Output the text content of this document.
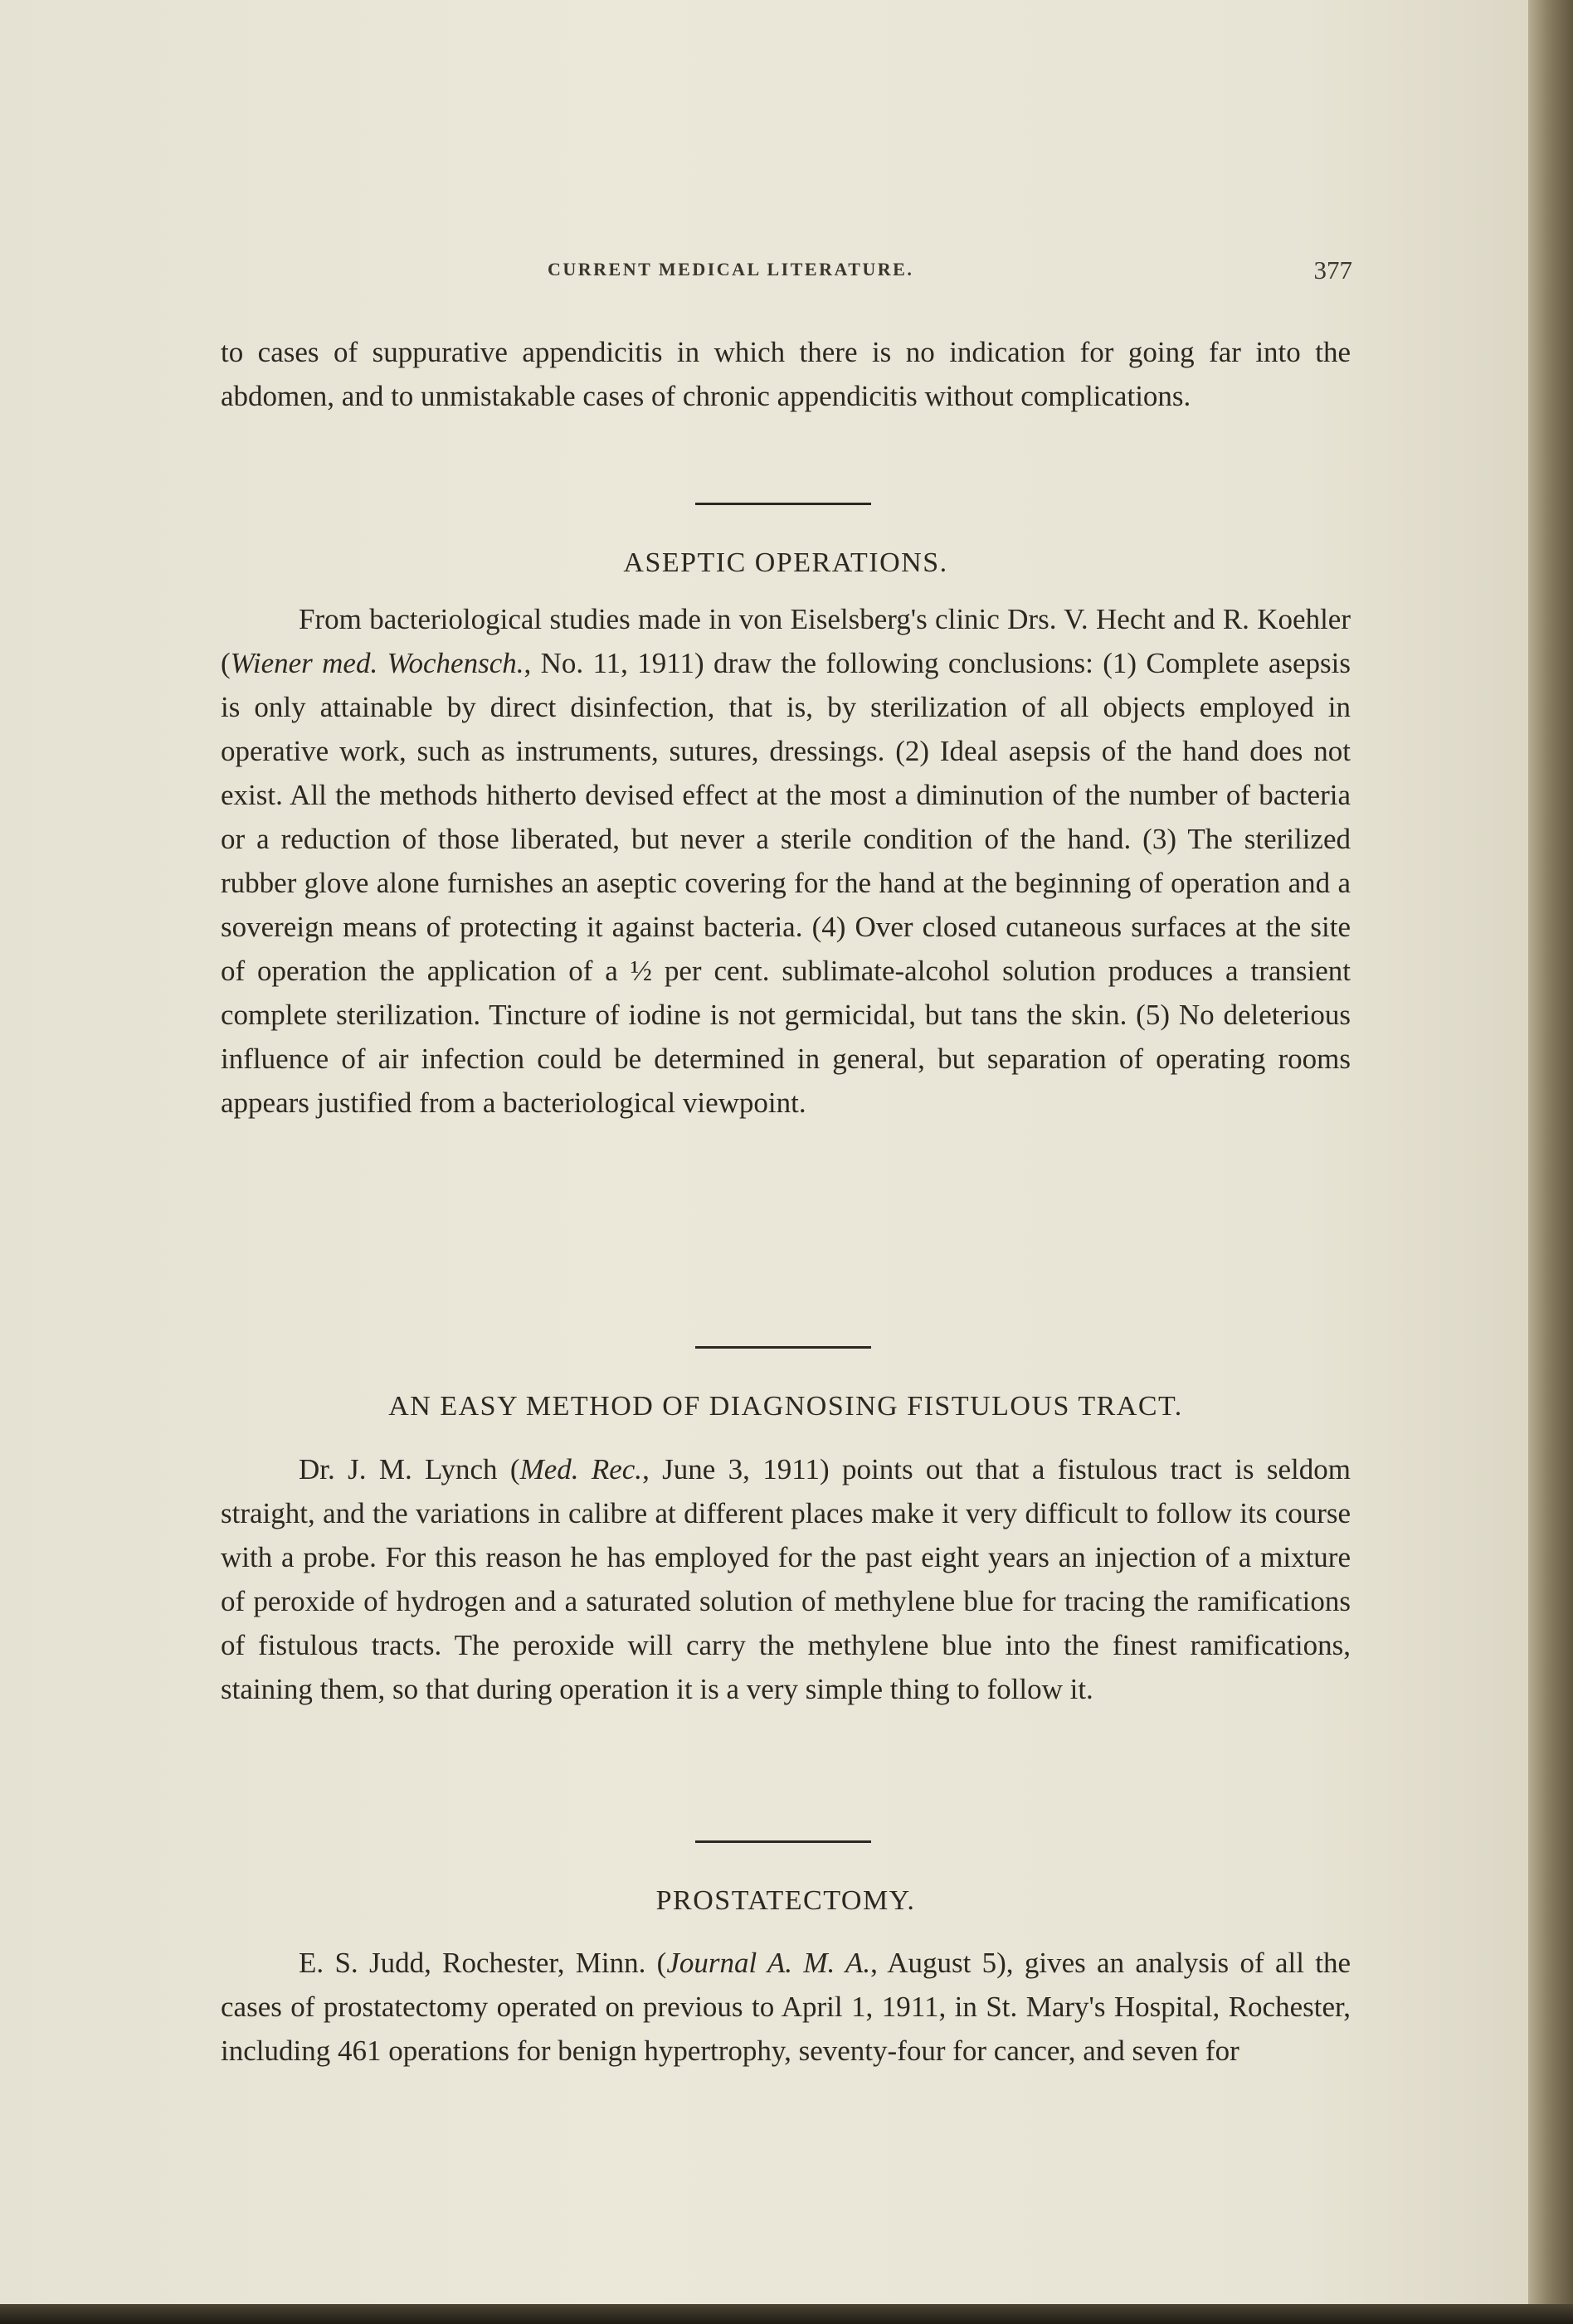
CURRENT MEDICAL LITERATURE.	377

to cases of suppurative appendicitis in which there is no indication for going far into the abdomen, and to unmistakable cases of chronic appendicitis without complications.

ASEPTIC OPERATIONS.

From bacteriological studies made in von Eiselsberg's clinic Drs. V. Hecht and R. Koehler (Wiener med. Wochensch., No. 11, 1911) draw the following conclusions: (1) Complete asepsis is only attainable by direct disinfection, that is, by sterilization of all objects employed in operative work, such as instruments, sutures, dressings. (2) Ideal asepsis of the hand does not exist. All the methods hitherto devised effect at the most a diminution of the number of bacteria or a reduction of those liberated, but never a sterile condition of the hand. (3) The sterilized rubber glove alone furnishes an aseptic covering for the hand at the beginning of operation and a sovereign means of protecting it against bacteria. (4) Over closed cutaneous surfaces at the site of operation the application of a ½ per cent. sublimate-alcohol solution produces a transient complete sterilization. Tincture of iodine is not germicidal, but tans the skin. (5) No deleterious influence of air infection could be determined in general, but separation of operating rooms appears justified from a bacteriological viewpoint.

AN EASY METHOD OF DIAGNOSING FISTULOUS TRACT.

Dr. J. M. Lynch (Med. Rec., June 3, 1911) points out that a fistulous tract is seldom straight, and the variations in calibre at different places make it very difficult to follow its course with a probe. For this reason he has employed for the past eight years an injection of a mixture of peroxide of hydrogen and a saturated solution of methylene blue for tracing the ramifications of fistulous tracts. The peroxide will carry the methylene blue into the finest ramifications, staining them, so that during operation it is a very simple thing to follow it.

PROSTATECTOMY.

E. S. Judd, Rochester, Minn. (Journal A. M. A., August 5), gives an analysis of all the cases of prostatectomy operated on previous to April 1, 1911, in St. Mary's Hospital, Rochester, including 461 operations for benign hypertrophy, seventy-four for cancer, and seven for
